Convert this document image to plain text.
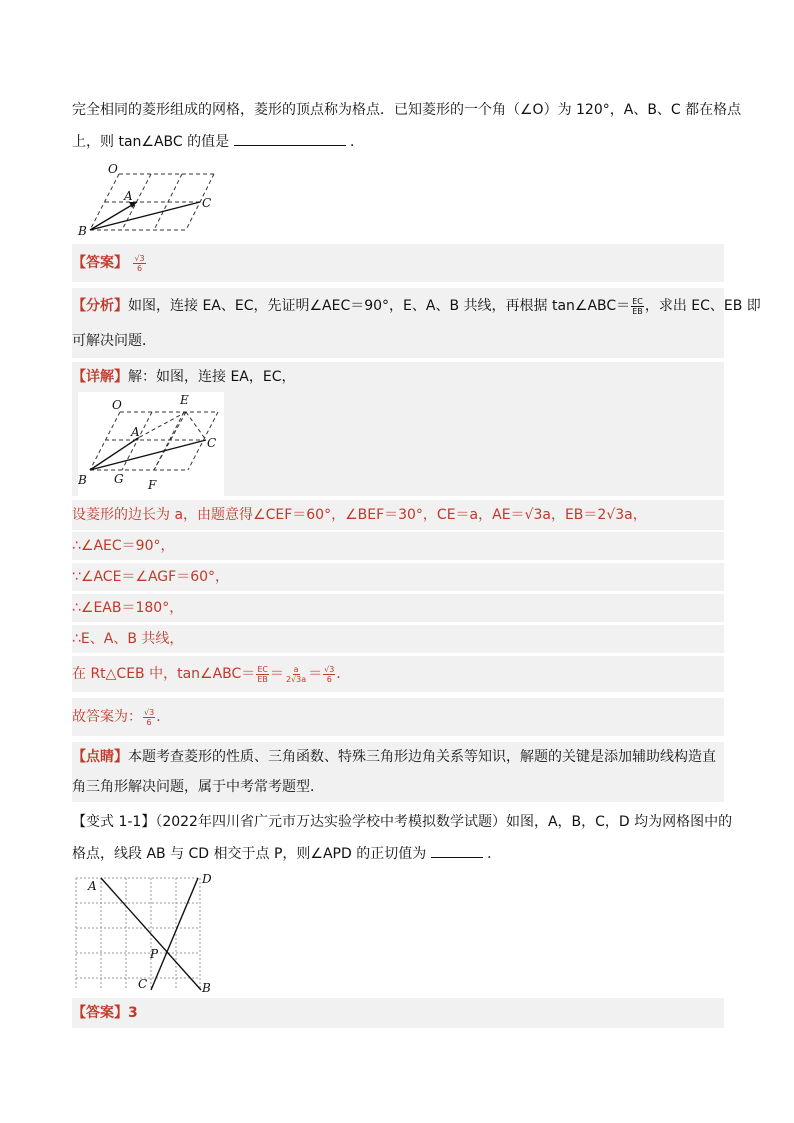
完全相同的菱形组成的网格，菱形的顶点称为格点．已知菱形的一个角（∠O）为 120°，A、B、C 都在格点
上，则 tan∠ABC 的值是	．
O
A	C
B
【答案】 $\frac{√3}{6}$
【分析】如图，连接 EA、EC，先证明∠AEC＝90°，E、A、B 共线，再根据 tan∠ABC＝ $\frac{EC}{EB}$ ，求出 EC、EB 即
可解决问题．
【详解】解：如图，连接 EA，EC，
O	E
A
C
B G F
设菱形的边长为 a，由题意得∠CEF＝60°，∠BEF＝30°，CE＝a，AE＝√3a，EB＝2√3a，
∴∠AEC＝90°，
∵∠ACE＝∠AGF＝60°，
∴∠EAB＝180°，
∴E、A、B 共线，
在 Rt△CEB 中，tan∠ABC＝ $\frac{EC}{EB} = \frac{a}{2√3a} = \frac{√3}{6}$ ．
故答案为： $\frac{√3}{6}$ ．
【点睛】本题考查菱形的性质、三角函数、特殊三角形边角关系等知识，解题的关键是添加辅助线构造直
角三角形解决问题，属于中考常考题型．
【变式 1-1】（2022年四川省广元市万达实验学校中考模拟数学试题）如图，A，B，C，D 均为网格图中的
格点，线段 AB 与 CD 相交于点 P，则∠APD 的正切值为	．
A	D
P
C	B
【答案】3
